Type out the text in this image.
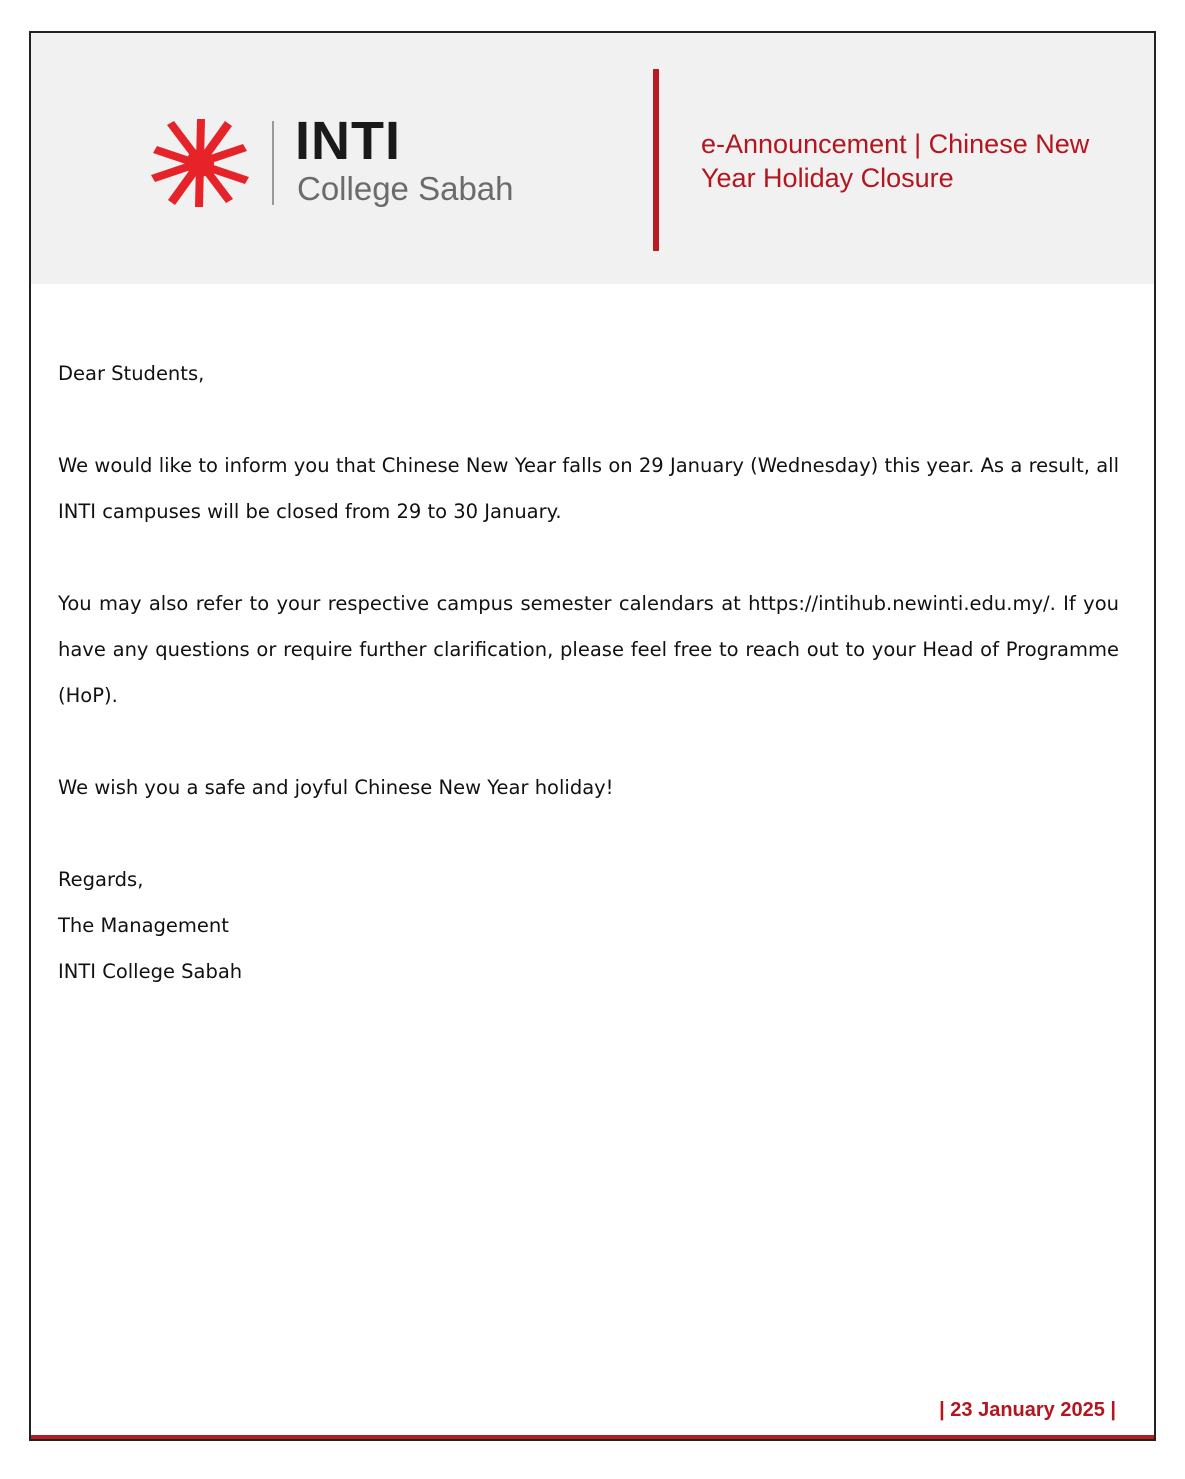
INTI
College Sabah
e-Announcement | Chinese New Year Holiday Closure

Dear Students,

We would like to inform you that Chinese New Year falls on 29 January (Wednesday) this year. As a result, all INTI campuses will be closed from 29 to 30 January.

You may also refer to your respective campus semester calendars at https://intihub.newinti.edu.my/. If you have any questions or require further clarification, please feel free to reach out to your Head of Programme (HoP).

We wish you a safe and joyful Chinese New Year holiday!

Regards,

The Management

INTI College Sabah

| 23 January 2025 |
